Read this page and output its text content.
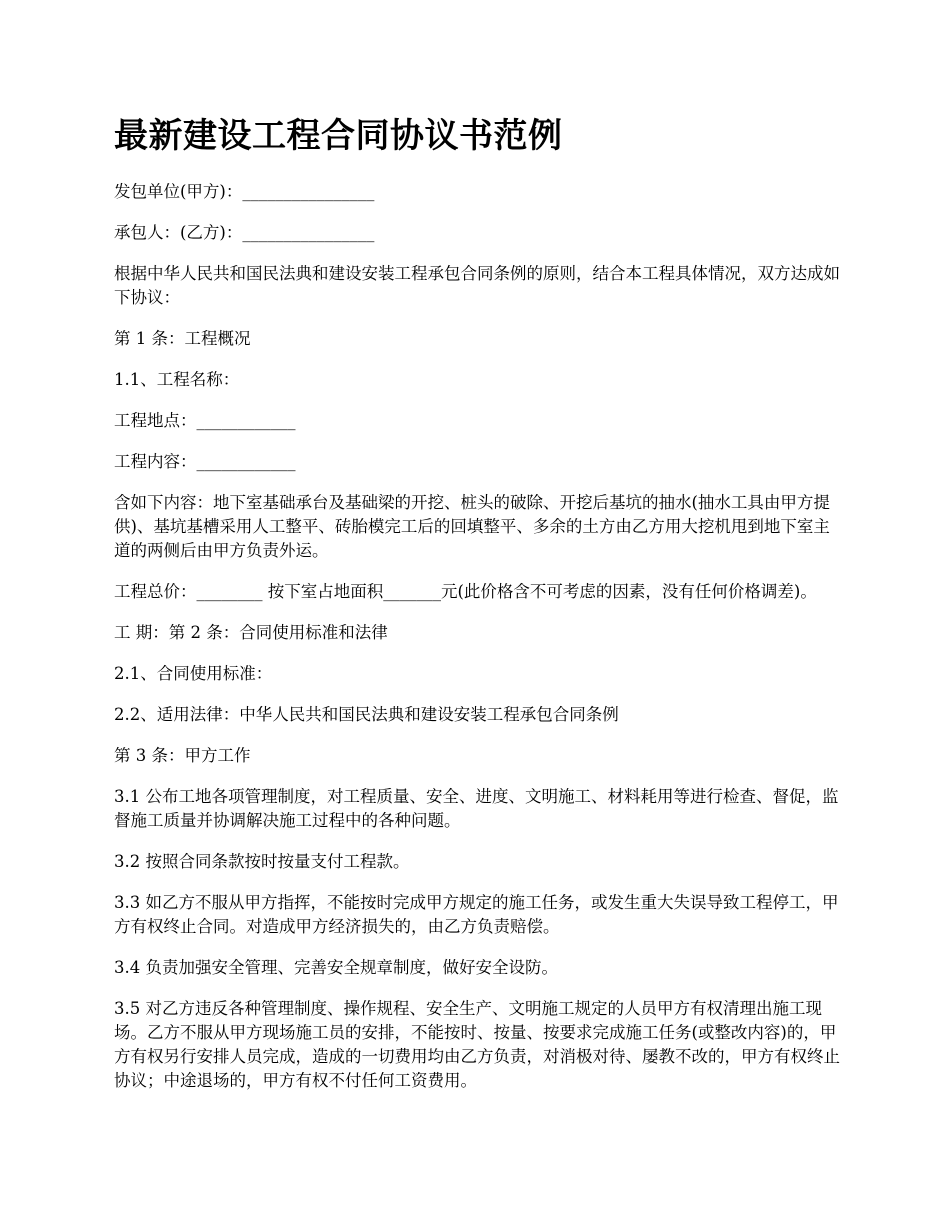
最新建设工程合同协议书范例

发包单位(甲方)：________________

承包人：(乙方)：________________

根据中华人民共和国民法典和建设安装工程承包合同条例的原则，结合本工程具体情况，双方达成如下协议：

第 1 条：工程概况

1.1、工程名称：

工程地点：____________

工程内容：____________

含如下内容：地下室基础承台及基础梁的开挖、桩头的破除、开挖后基坑的抽水(抽水工具由甲方提供)、基坑基槽采用人工整平、砖胎模完工后的回填整平、多余的土方由乙方用大挖机甩到地下室主道的两侧后由甲方负责外运。

工程总价：________ 按下室占地面积_______元(此价格含不可考虑的因素，没有任何价格调差)。

工 期：第 2 条：合同使用标准和法律

2.1、合同使用标准：

2.2、适用法律：中华人民共和国民法典和建设安装工程承包合同条例

第 3 条：甲方工作

3.1 公布工地各项管理制度，对工程质量、安全、进度、文明施工、材料耗用等进行检查、督促，监督施工质量并协调解决施工过程中的各种问题。

3.2 按照合同条款按时按量支付工程款。

3.3 如乙方不服从甲方指挥，不能按时完成甲方规定的施工任务，或发生重大失误导致工程停工，甲方有权终止合同。对造成甲方经济损失的，由乙方负责赔偿。

3.4 负责加强安全管理、完善安全规章制度，做好安全设防。

3.5 对乙方违反各种管理制度、操作规程、安全生产、文明施工规定的人员甲方有权清理出施工现场。乙方不服从甲方现场施工员的安排，不能按时、按量、按要求完成施工任务(或整改内容)的，甲方有权另行安排人员完成，造成的一切费用均由乙方负责，对消极对待、屡教不改的，甲方有权终止协议；中途退场的，甲方有权不付任何工资费用。
